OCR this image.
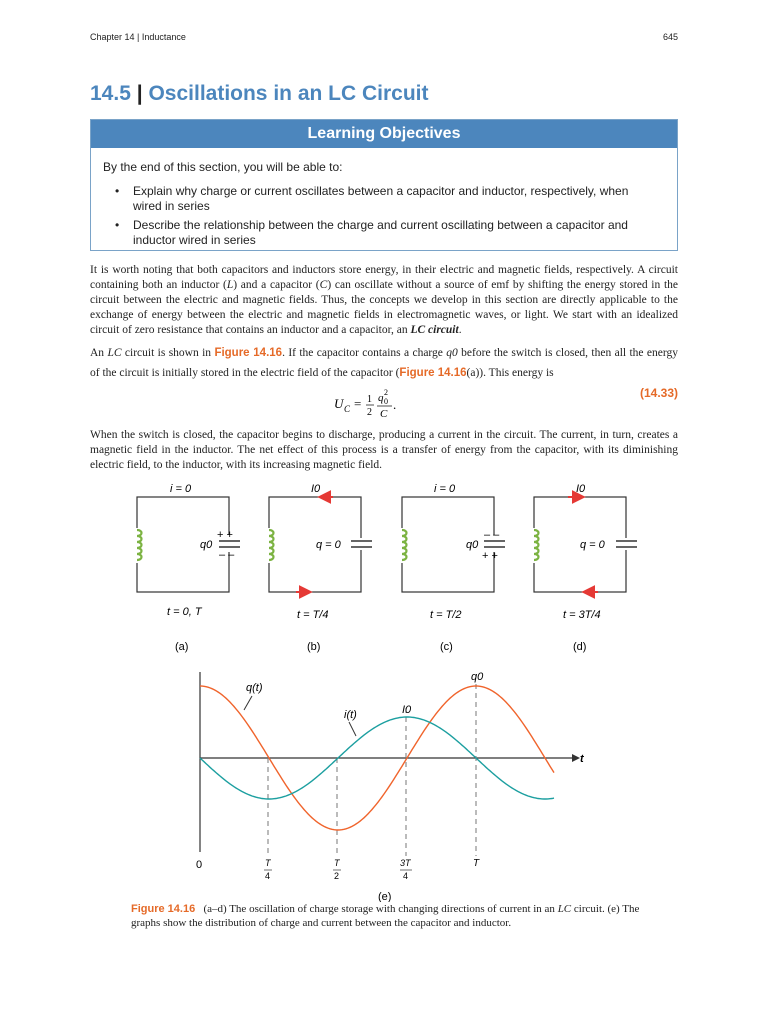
Chapter 14 | Inductance	645
14.5 | Oscillations in an LC Circuit
Learning Objectives
By the end of this section, you will be able to:
• Explain why charge or current oscillates between a capacitor and inductor, respectively, when wired in series
• Describe the relationship between the charge and current oscillating between a capacitor and inductor wired in series
It is worth noting that both capacitors and inductors store energy, in their electric and magnetic fields, respectively. A circuit containing both an inductor (L) and a capacitor (C) can oscillate without a source of emf by shifting the energy stored in the circuit between the electric and magnetic fields. Thus, the concepts we develop in this section are directly applicable to the exchange of energy between the electric and magnetic fields in electromagnetic waves, or light. We start with an idealized circuit of zero resistance that contains an inductor and a capacitor, an LC circuit.
An LC circuit is shown in Figure 14.16. If the capacitor contains a charge q0 before the switch is closed, then all the energy of the circuit is initially stored in the electric field of the capacitor (Figure 14.16(a)). This energy is
U C = 1
2
q 0
2
C
.
(14.33)
When the switch is closed, the capacitor begins to discharge, producing a current in the circuit. The current, in turn, creates a magnetic field in the inductor. The net effect of this process is a transfer of energy from the capacitor, with its diminishing electric field, to the inductor, with its increasing magnetic field.
+ +
– –
i = 0
q0
t = 0, T
(a)
I0
q = 0
t = T/4
(b)
– –
+ +
i = 0
q0
t = T/2
(c)
I0
q = 0
t = 3T/4
(d)
t
0	T
4
T
2
3T
4
T
q(t)
i(t)
q0
I0
(e)
Figure 14.16 (a–d) The oscillation of charge storage with changing directions of current in an LC circuit. (e) The graphs show the distribution of charge and current between the capacitor and inductor.
